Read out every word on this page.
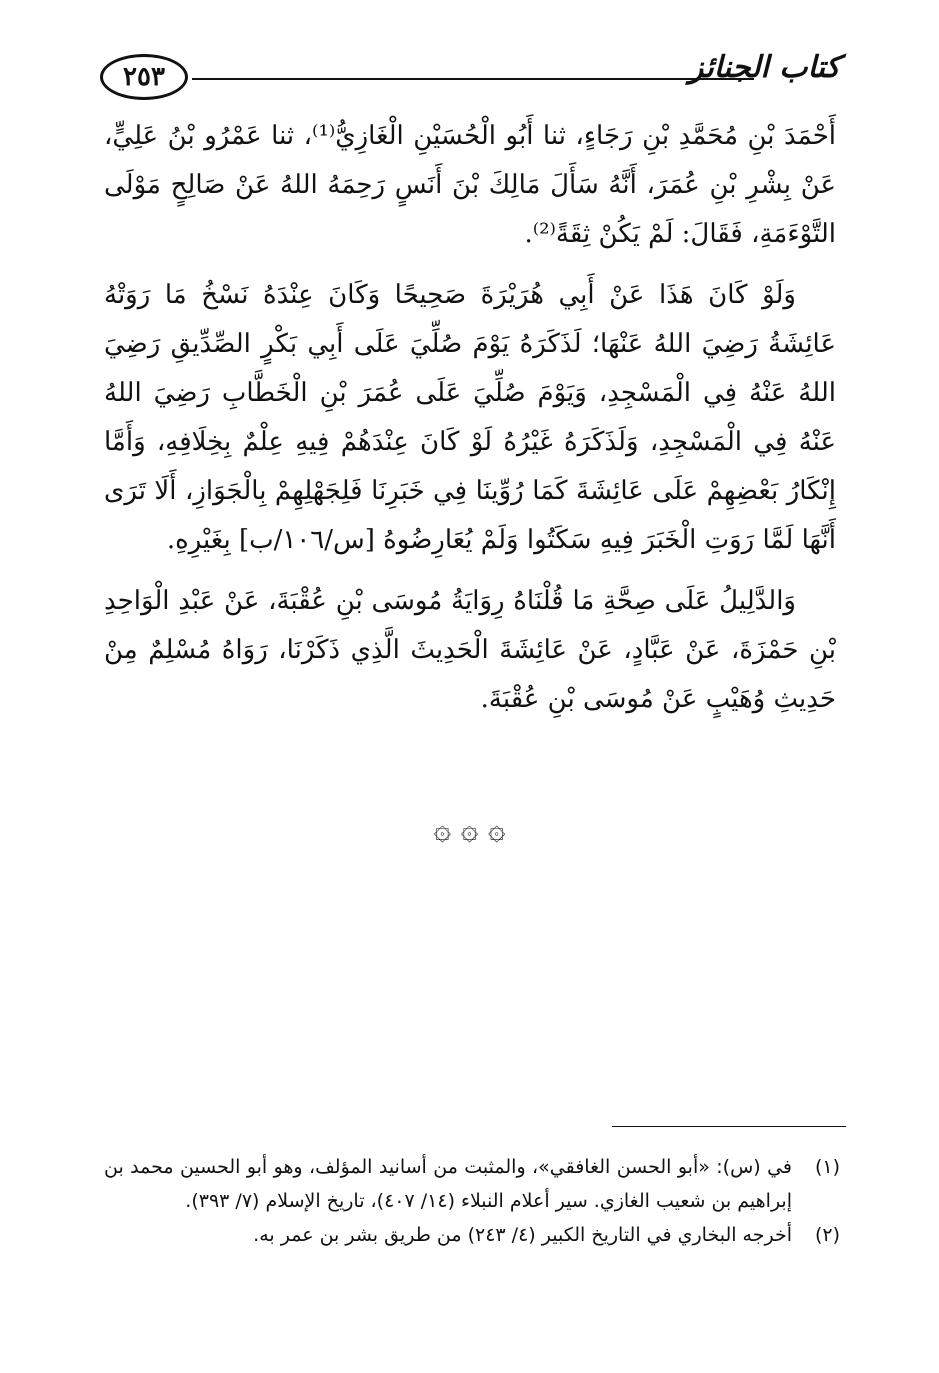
٢٥٣	كتاب الجنائز

أَحْمَدَ بْنِ مُحَمَّدِ بْنِ رَجَاءٍ، ثنا أَبُو الْحُسَيْنِ الْغَازِيُّ⁽¹⁾، ثنا عَمْرُو بْنُ عَلِيٍّ، عَنْ بِشْرِ بْنِ عُمَرَ، أَنَّهُ سَأَلَ مَالِكَ بْنَ أَنَسٍ رَحِمَهُ اللهُ عَنْ صَالِحٍ مَوْلَى التَّوْءَمَةِ، فَقَالَ: لَمْ يَكُنْ ثِقَةً⁽²⁾.

وَلَوْ كَانَ هَذَا عَنْ أَبِي هُرَيْرَةَ صَحِيحًا وَكَانَ عِنْدَهُ نَسْخُ مَا رَوَتْهُ عَائِشَةُ رَضِيَ اللهُ عَنْهَا؛ لَذَكَرَهُ يَوْمَ صُلِّيَ عَلَى أَبِي بَكْرٍ الصِّدِّيقِ رَضِيَ اللهُ عَنْهُ فِي الْمَسْجِدِ، وَيَوْمَ صُلِّيَ عَلَى عُمَرَ بْنِ الْخَطَّابِ رَضِيَ اللهُ عَنْهُ فِي الْمَسْجِدِ، وَلَذَكَرَهُ غَيْرُهُ لَوْ كَانَ عِنْدَهُمْ فِيهِ عِلْمٌ بِخِلَافِهِ، وَأَمَّا إِنْكَارُ بَعْضِهِمْ عَلَى عَائِشَةَ كَمَا رُوِّينَا فِي خَبَرِنَا فَلِجَهْلِهِمْ بِالْجَوَازِ، أَلَا تَرَى أَنَّهَا لَمَّا رَوَتِ الْخَبَرَ فِيهِ سَكَتُوا وَلَمْ يُعَارِضُوهُ [س/١٠٦/ب] بِغَيْرِهِ.

وَالدَّلِيلُ عَلَى صِحَّةِ مَا قُلْنَاهُ رِوَايَةُ مُوسَى بْنِ عُقْبَةَ، عَنْ عَبْدِ الْوَاحِدِ بْنِ حَمْزَةَ، عَنْ عَبَّادٍ، عَنْ عَائِشَةَ الْحَدِيثَ الَّذِي ذَكَرْنَا، رَوَاهُ مُسْلِمٌ مِنْ حَدِيثِ وُهَيْبٍ عَنْ مُوسَى بْنِ عُقْبَةَ.

۞ ۞ ۞
(١)
في (س): «أبو الحسن الغافقي»، والمثبت من أسانيد المؤلف، وهو أبو الحسين محمد بن إبراهيم بن شعيب الغازي. سير أعلام النبلاء (١٤/ ٤٠٧)، تاريخ الإسلام (٧/ ٣٩٣).
(٢)
أخرجه البخاري في التاريخ الكبير (٤/ ٢٤٣) من طريق بشر بن عمر به.
